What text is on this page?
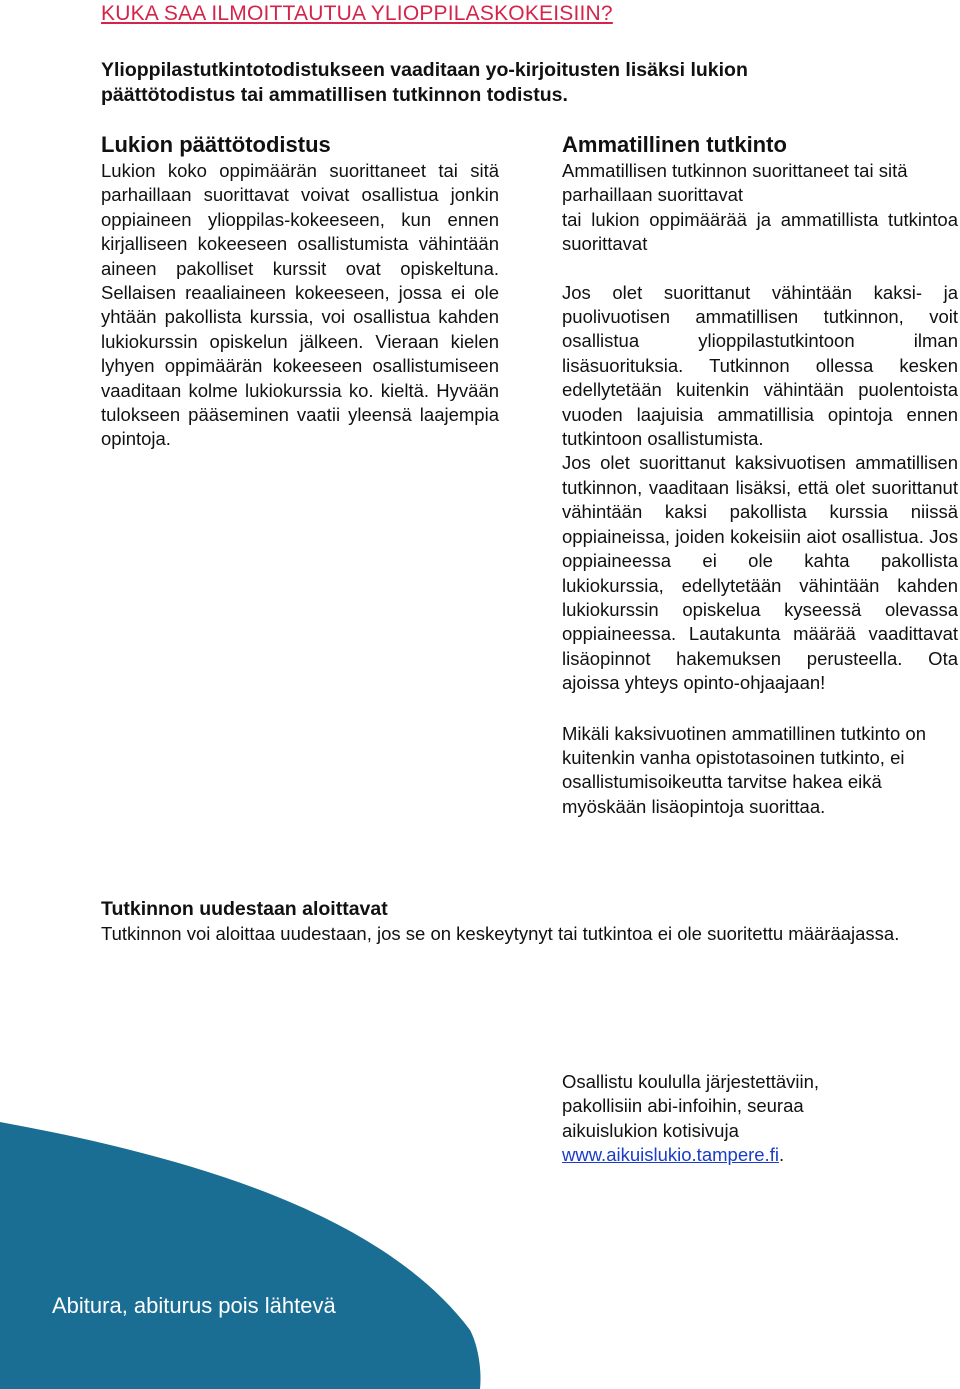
KUKA SAA ILMOITTAUTUA YLIOPPILASKOKEISIIN?
Ylioppilastutkintotodistukseen vaaditaan yo-kirjoitusten lisäksi lukion päättötodistus tai ammatillisen tutkinnon todistus.
Lukion päättötodistus

Lukion koko oppimäärän suorittaneet tai sitä parhaillaan suorittavat voivat osallistua jonkin oppiaineen ylioppilas-kokeeseen, kun ennen kirjalliseen kokeeseen osallistumista vähintään aineen pakolliset kurssit ovat opiskeltuna. Sellaisen reaaliaineen kokeeseen, jossa ei ole yhtään pakollista kurssia, voi osallistua kahden lukiokurssin opiskelun jälkeen. Vieraan kielen lyhyen oppimäärän kokeeseen osallistumiseen vaaditaan kolme lukiokurssia ko. kieltä. Hyvään tulokseen pääseminen vaatii yleensä laajempia opintoja.

Ammatillinen tutkinto

Ammatillisen tutkinnon suorittaneet tai sitä

parhaillaan suorittavat

tai lukion oppimäärää ja ammatillista tutkintoa suorittavat

Jos olet suorittanut vähintään kaksi- ja puolivuotisen ammatillisen tutkinnon, voit osallistua ylioppilastutkintoon ilman lisäsuorituksia. Tutkinnon ollessa kesken edellytetään kuitenkin vähintään puolentoista vuoden laajuisia ammatillisia opintoja ennen tutkintoon osallistumista.

Jos olet suorittanut kaksivuotisen ammatillisen tutkinnon, vaaditaan lisäksi, että olet suorittanut vähintään kaksi pakollista kurssia niissä oppiaineissa, joiden kokeisiin aiot osallistua. Jos oppiaineessa ei ole kahta pakollista lukiokurssia, edellytetään vähintään kahden lukiokurssin opiskelua kyseessä olevassa oppiaineessa. Lautakunta määrää vaadittavat lisäopinnot hakemuksen perusteella. Ota ajoissa yhteys opinto-ohjaajaan!

Mikäli kaksivuotinen ammatillinen tutkinto on kuitenkin vanha opistotasoinen tutkinto, ei osallistumisoikeutta tarvitse hakea eikä myöskään lisäopintoja suorittaa.

Tutkinnon uudestaan aloittavat
Tutkinnon voi aloittaa uudestaan, jos se on keskeytynyt tai tutkintoa ei ole suoritettu määräajassa.
Abitura, abiturus pois lähtevä
Osallistu koululla järjestettäviin, pakollisiin abi-infoihin, seuraa aikuislukion kotisivuja www.aikuislukio.tampere.fi.
